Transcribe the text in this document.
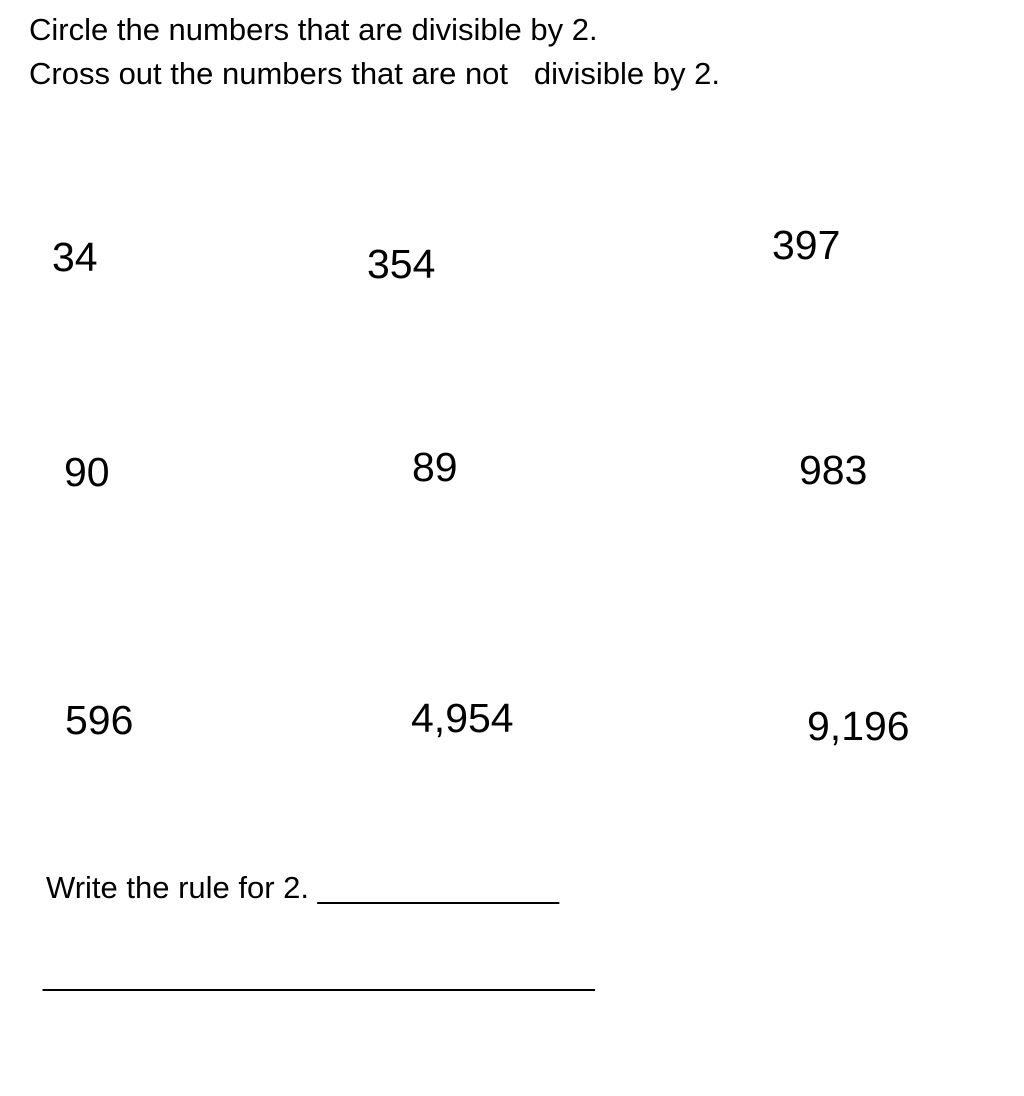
Circle the numbers that are divisible by 2.

Cross out the numbers that are not   divisible by 2.

34	354	397
90	89	983
596	4,954	9,196
Write the rule for 2. ______________
________________________________
